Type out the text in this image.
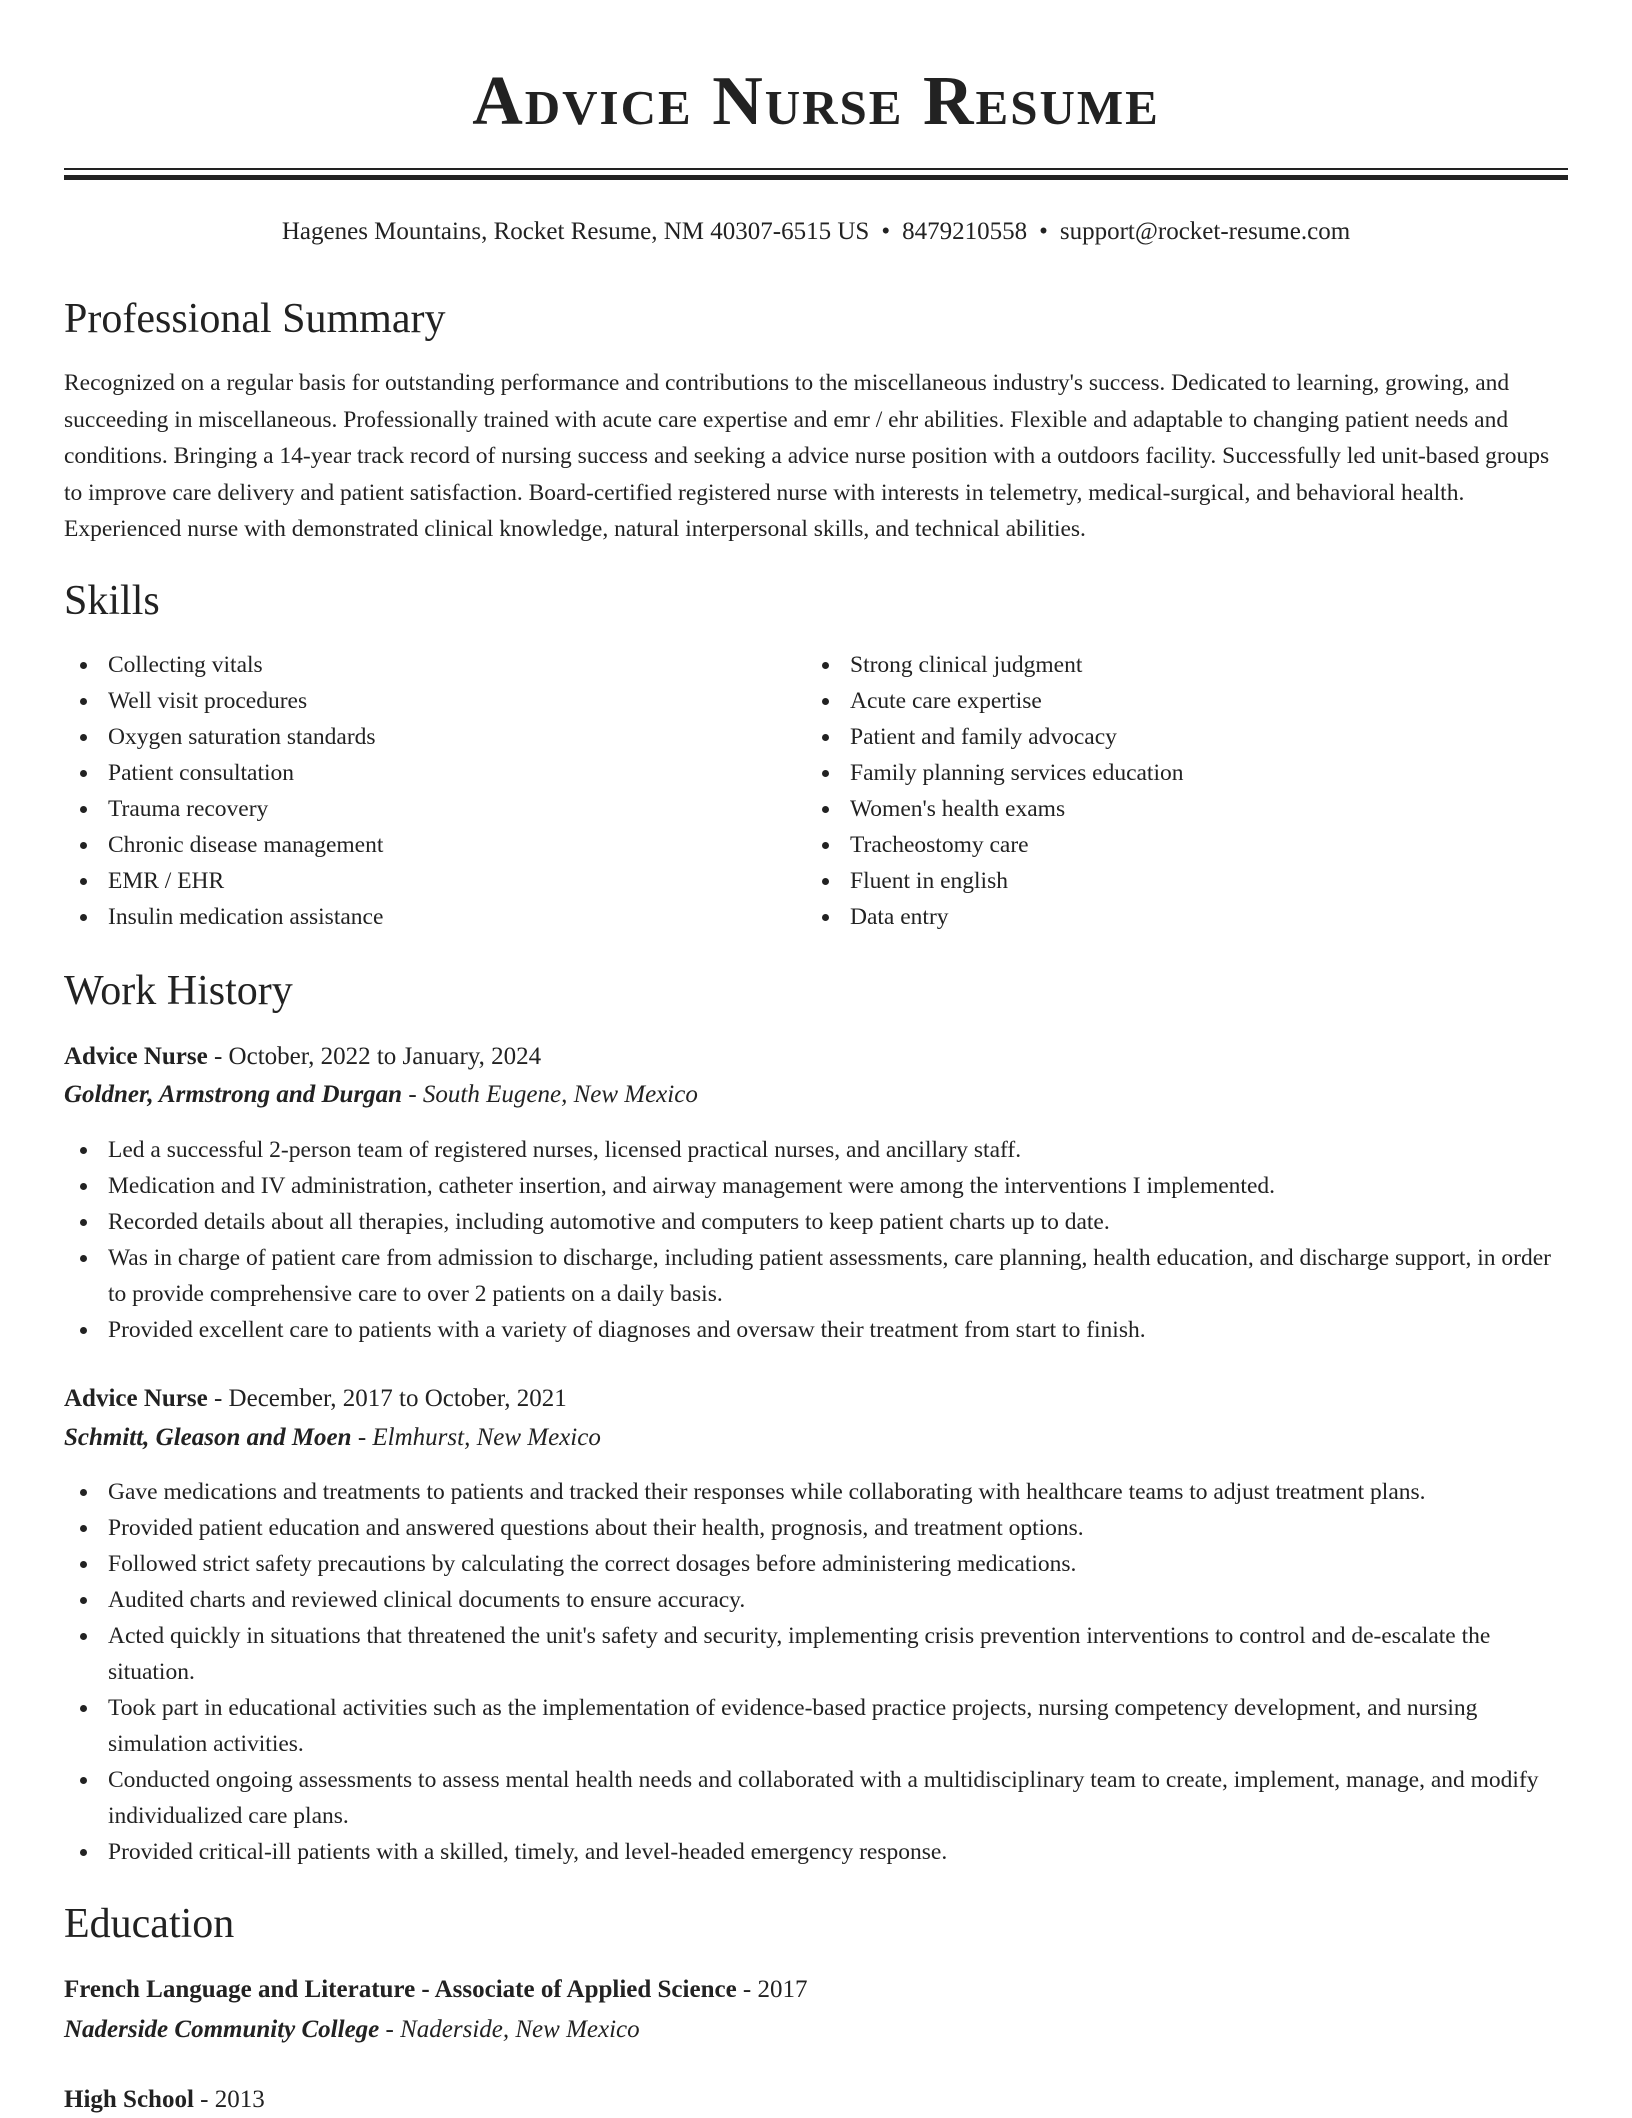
Advice Nurse Resume
Hagenes Mountains, Rocket Resume, NM 40307-6515 US • 8479210558 • support@rocket-resume.com
Professional Summary

Recognized on a regular basis for outstanding performance and contributions to the miscellaneous industry's success. Dedicated to learning, growing, and succeeding in miscellaneous. Professionally trained with acute care expertise and emr / ehr abilities. Flexible and adaptable to changing patient needs and conditions. Bringing a 14-year track record of nursing success and seeking a advice nurse position with a outdoors facility. Successfully led unit-based groups to improve care delivery and patient satisfaction. Board-certified registered nurse with interests in telemetry, medical-surgical, and behavioral health. Experienced nurse with demonstrated clinical knowledge, natural interpersonal skills, and technical abilities.

Skills
Collecting vitals
Well visit procedures
Oxygen saturation standards
Patient consultation
Trauma recovery
Chronic disease management
EMR / EHR
Insulin medication assistance
Strong clinical judgment
Acute care expertise
Patient and family advocacy
Family planning services education
Women's health exams
Tracheostomy care
Fluent in english
Data entry
Work History
Advice Nurse - October, 2022 to January, 2024
Goldner, Armstrong and Durgan - South Eugene, New Mexico
Led a successful 2-person team of registered nurses, licensed practical nurses, and ancillary staff.
Medication and IV administration, catheter insertion, and airway management were among the interventions I implemented.
Recorded details about all therapies, including automotive and computers to keep patient charts up to date.
Was in charge of patient care from admission to discharge, including patient assessments, care planning, health education, and discharge support, in order to provide comprehensive care to over 2 patients on a daily basis.
Provided excellent care to patients with a variety of diagnoses and oversaw their treatment from start to finish.
Advice Nurse - December, 2017 to October, 2021
Schmitt, Gleason and Moen - Elmhurst, New Mexico
Gave medications and treatments to patients and tracked their responses while collaborating with healthcare teams to adjust treatment plans.
Provided patient education and answered questions about their health, prognosis, and treatment options.
Followed strict safety precautions by calculating the correct dosages before administering medications.
Audited charts and reviewed clinical documents to ensure accuracy.
Acted quickly in situations that threatened the unit's safety and security, implementing crisis prevention interventions to control and de-escalate the situation.
Took part in educational activities such as the implementation of evidence-based practice projects, nursing competency development, and nursing simulation activities.
Conducted ongoing assessments to assess mental health needs and collaborated with a multidisciplinary team to create, implement, manage, and modify individualized care plans.
Provided critical-ill patients with a skilled, timely, and level-headed emergency response.
Education
French Language and Literature - Associate of Applied Science - 2017
Naderside Community College - Naderside, New Mexico
High School - 2013
